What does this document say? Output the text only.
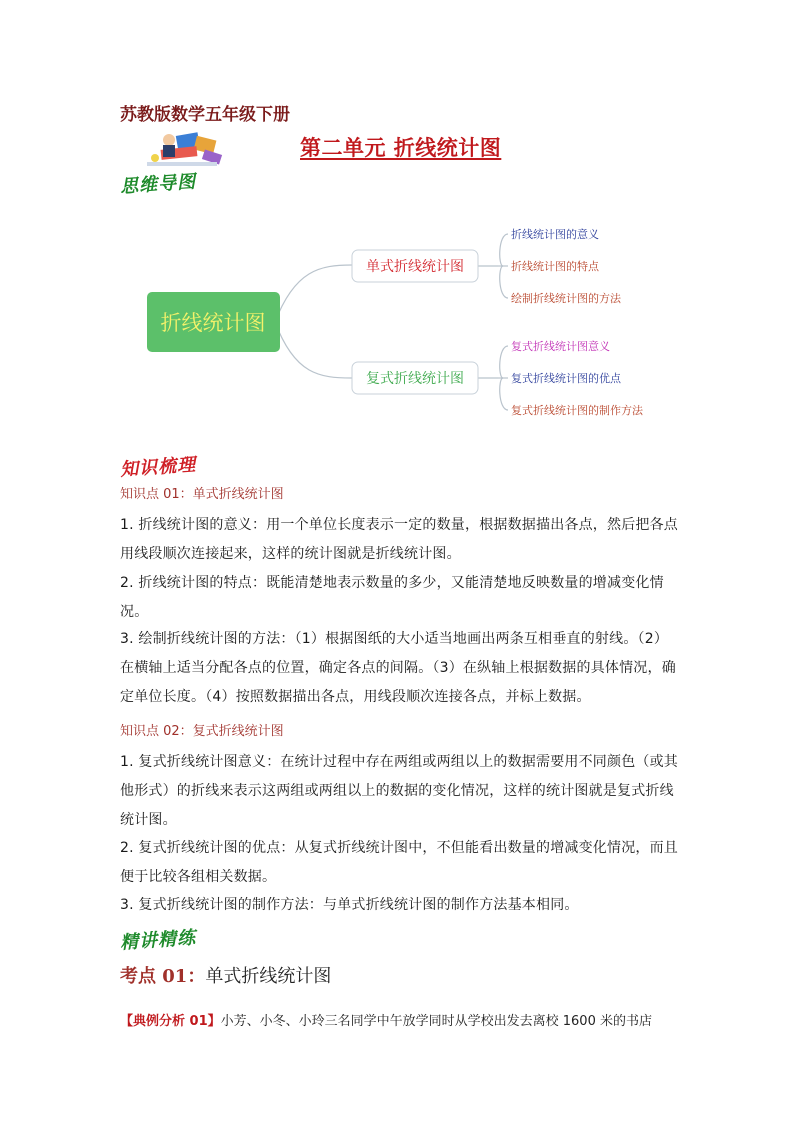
苏教版数学五年级下册
第二单元 折线统计图
思维导图
折线统计图
单式折线统计图
复式折线统计图
折线统计图的意义
折线统计图的特点
绘制折线统计图的方法
复式折线统计图意义
复式折线统计图的优点
复式折线统计图的制作方法
知识梳理
知识点 01：单式折线统计图
1. 折线统计图的意义：用一个单位长度表示一定的数量，根据数据描出各点，然后把各点用线段顺次连接起来，这样的统计图就是折线统计图。
2. 折线统计图的特点：既能清楚地表示数量的多少，又能清楚地反映数量的增减变化情况。
3. 绘制折线统计图的方法：（1）根据图纸的大小适当地画出两条互相垂直的射线。（2）在横轴上适当分配各点的位置，确定各点的间隔。（3）在纵轴上根据数据的具体情况，确定单位长度。（4）按照数据描出各点，用线段顺次连接各点，并标上数据。
知识点 02：复式折线统计图
1. 复式折线统计图意义：在统计过程中存在两组或两组以上的数据需要用不同颜色（或其他形式）的折线来表示这两组或两组以上的数据的变化情况，这样的统计图就是复式折线统计图。
2. 复式折线统计图的优点：从复式折线统计图中，不但能看出数量的增减变化情况，而且便于比较各组相关数据。
3. 复式折线统计图的制作方法：与单式折线统计图的制作方法基本相同。
精讲精练
考点 01：单式折线统计图
【典例分析 01】小芳、小冬、小玲三名同学中午放学同时从学校出发去离校 1600 米的书店
